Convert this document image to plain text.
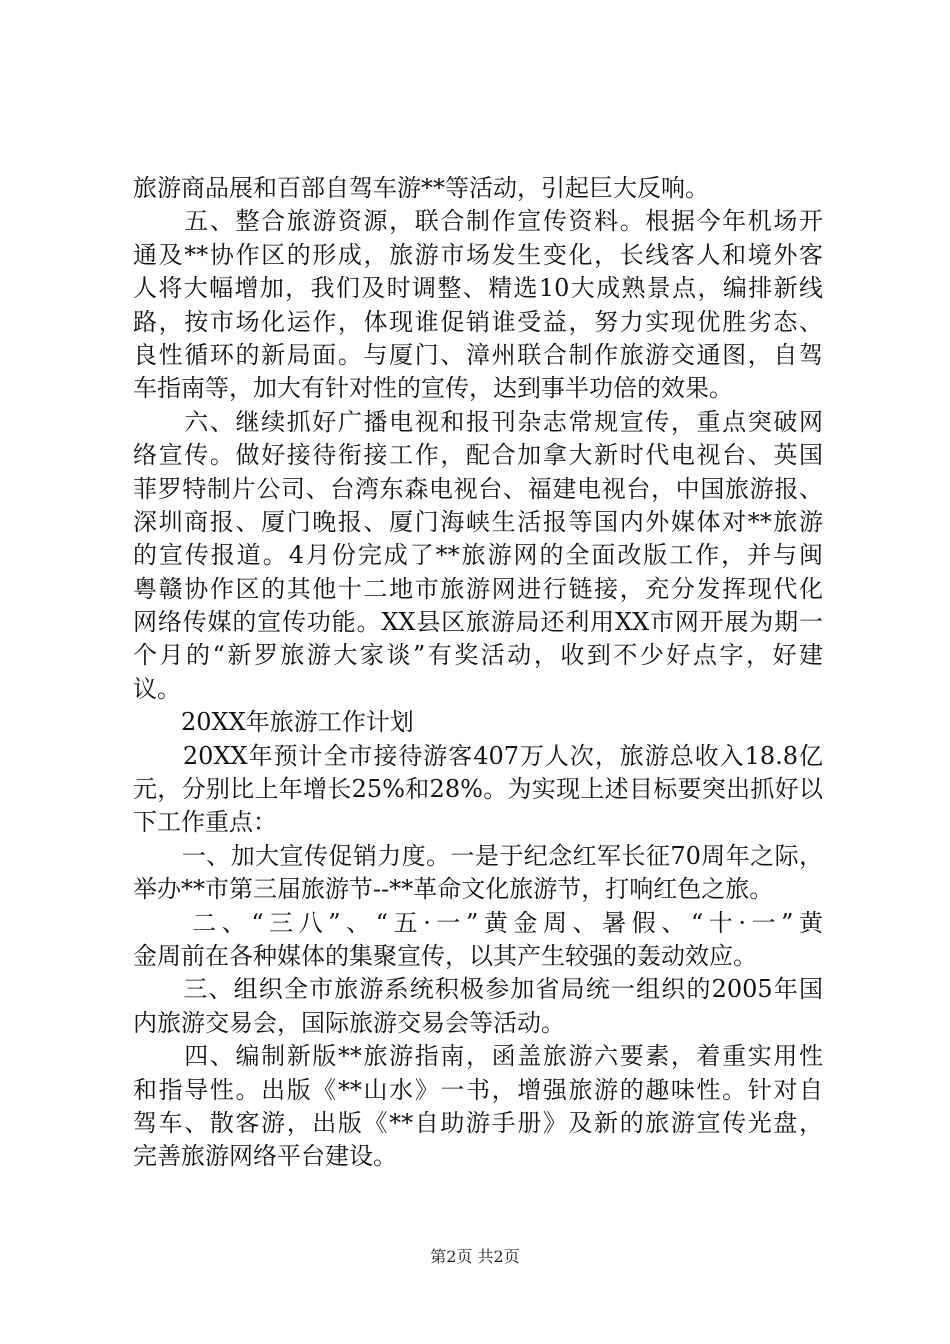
旅游商品展和百部自驾车游**等活动，引起巨大反响。
　　五、整合旅游资源，联合制作宣传资料。根据今年机场开
通及**协作区的形成，旅游市场发生变化，长线客人和境外客
人将大幅增加，我们及时调整、精选10大成熟景点，编排新线
路，按市场化运作，体现谁促销谁受益，努力实现优胜劣态、
良性循环的新局面。与厦门、漳州联合制作旅游交通图，自驾
车指南等，加大有针对性的宣传，达到事半功倍的效果。
　　六、继续抓好广播电视和报刊杂志常规宣传，重点突破网
络宣传。做好接待衔接工作，配合加拿大新时代电视台、英国
菲罗特制片公司、台湾东森电视台、福建电视台，中国旅游报、
深圳商报、厦门晚报、厦门海峡生活报等国内外媒体对**旅游
的宣传报道。4月份完成了**旅游网的全面改版工作，并与闽
粤赣协作区的其他十二地市旅游网进行链接，充分发挥现代化
网络传媒的宣传功能。XX县区旅游局还利用XX市网开展为期一
个月的“新罗旅游大家谈”有奖活动，收到不少好点字，好建
议。
　　20XX年旅游工作计划
　　20XX年预计全市接待游客407万人次，旅游总收入18.8亿
元，分别比上年增长25%和28%。为实现上述目标要突出抓好以
下工作重点：
　　一、加大宣传促销力度。一是于纪念红军长征70周年之际，
举办**市第三届旅游节--**革命文化旅游节，打响红色之旅。
　　二、“三八”、“五·一”黄金周、暑假、“十·一”黄
金周前在各种媒体的集聚宣传，以其产生较强的轰动效应。
　　三、组织全市旅游系统积极参加省局统一组织的2005年国
内旅游交易会，国际旅游交易会等活动。
　　四、编制新版**旅游指南，函盖旅游六要素，着重实用性
和指导性。出版《**山水》一书，增强旅游的趣味性。针对自
驾车、散客游，出版《**自助游手册》及新的旅游宣传光盘，
完善旅游网络平台建设。
第2页 共2页
